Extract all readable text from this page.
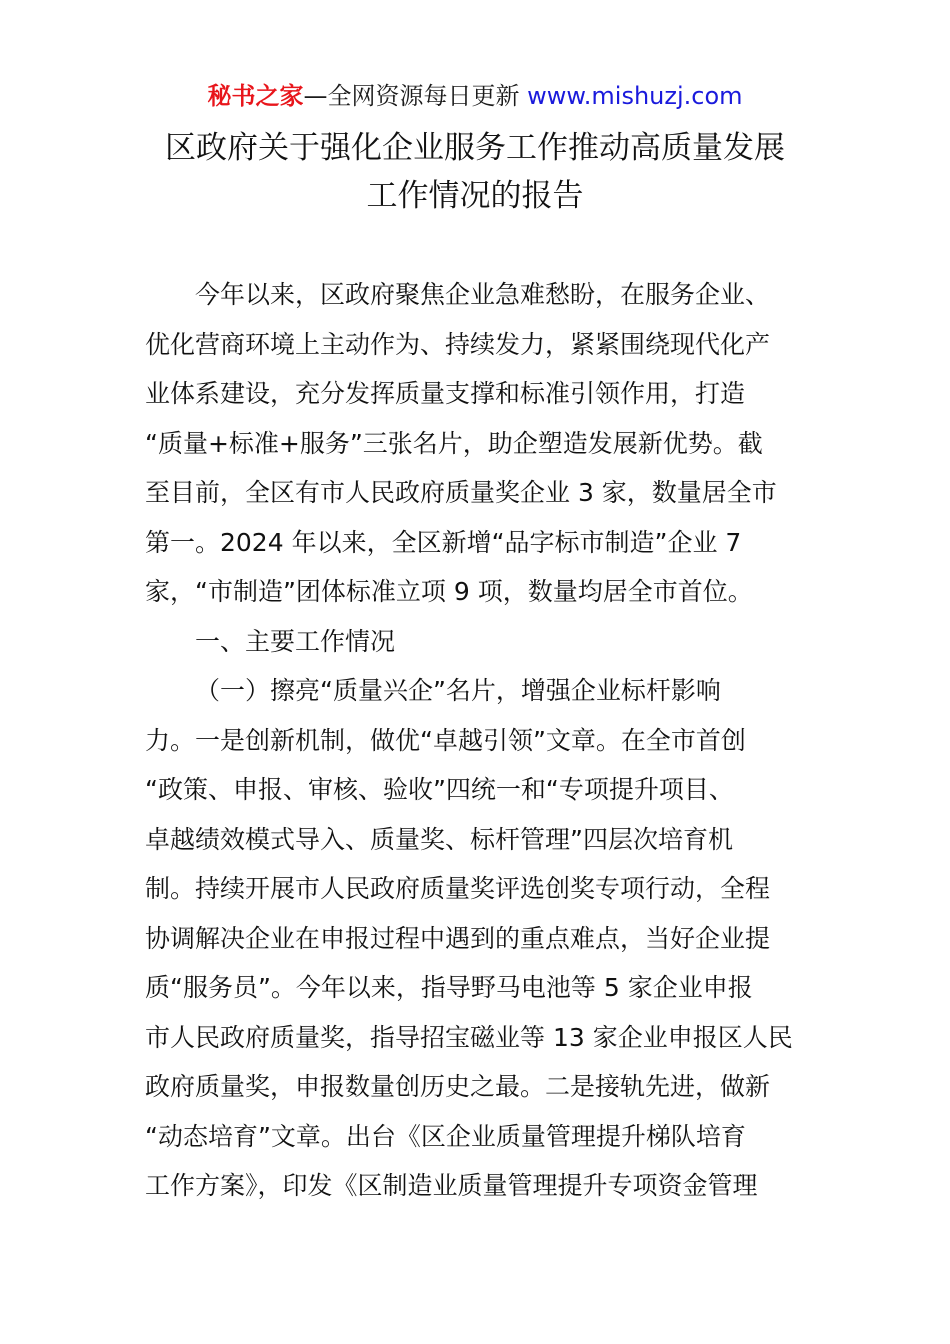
秘书之家—全网资源每日更新 www.mishuzj.com
区政府关于强化企业服务工作推动高质量发展
工作情况的报告
今年以来，区政府聚焦企业急难愁盼，在服务企业、
优化营商环境上主动作为、持续发力，紧紧围绕现代化产
业体系建设，充分发挥质量支撑和标准引领作用，打造
“质量+标准+服务”三张名片，助企塑造发展新优势。截
至目前，全区有市人民政府质量奖企业 3 家，数量居全市
第一。2024 年以来，全区新增“品字标市制造”企业 7
家，“市制造”团体标准立项 9 项，数量均居全市首位。
一、主要工作情况
（一）擦亮“质量兴企”名片，增强企业标杆影响
力。一是创新机制，做优“卓越引领”文章。在全市首创
“政策、申报、审核、验收”四统一和“专项提升项目、
卓越绩效模式导入、质量奖、标杆管理”四层次培育机
制。持续开展市人民政府质量奖评选创奖专项行动，全程
协调解决企业在申报过程中遇到的重点难点，当好企业提
质“服务员”。今年以来，指导野马电池等 5 家企业申报
市人民政府质量奖，指导招宝磁业等 13 家企业申报区人民
政府质量奖，申报数量创历史之最。二是接轨先进，做新
“动态培育”文章。出台《区企业质量管理提升梯队培育
工作方案》，印发《区制造业质量管理提升专项资金管理
